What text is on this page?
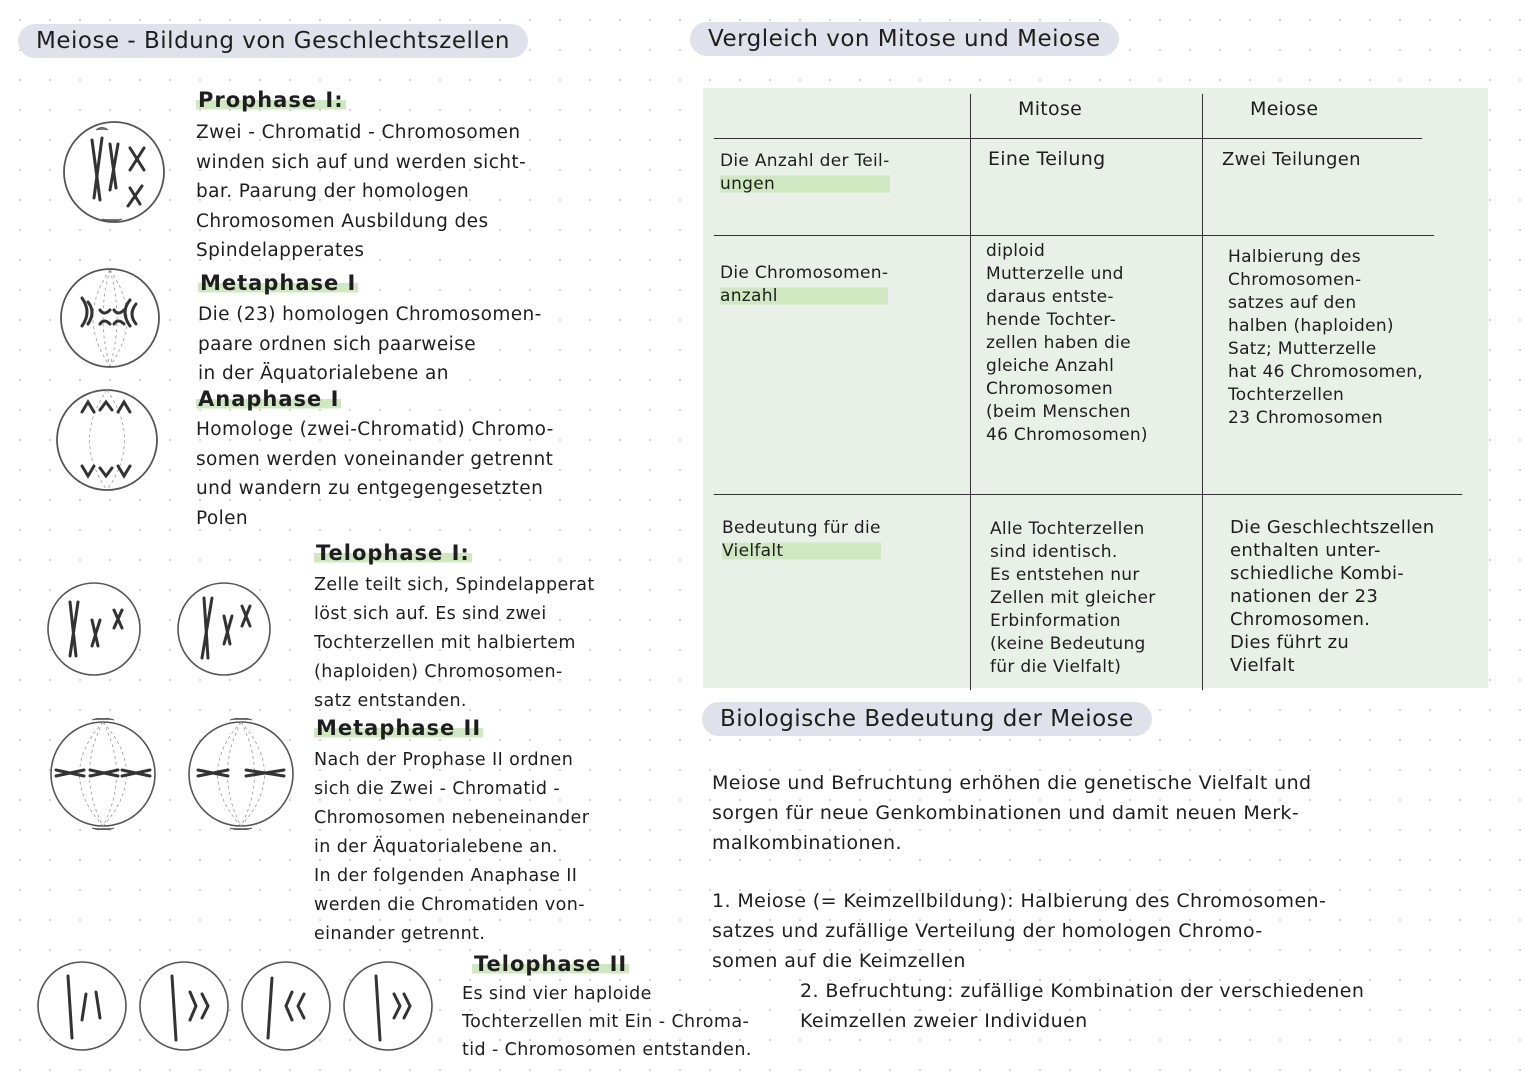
Meiose - Bildung von Geschlechtszellen
Prophase I:
Zwei - Chromatid - Chromosomen
winden sich auf und werden sicht-
bar. Paarung der homologen
Chromosomen Ausbildung des
Spindelapperates
Metaphase I
Die (23) homologen Chromosomen-
paare ordnen sich paarweise
in der Äquatorialebene an
Anaphase I
Homologe (zwei-Chromatid) Chromo-
somen werden voneinander getrennt
und wandern zu entgegengesetzten
Polen
Telophase I:
Zelle teilt sich, Spindelapperat
löst sich auf. Es sind zwei
Tochterzellen mit halbiertem
(haploiden) Chromosomen-
satz entstanden.
Metaphase II
Nach der Prophase II ordnen
sich die Zwei - Chromatid -
Chromosomen nebeneinander
in der Äquatorialebene an.
In der folgenden Anaphase II
werden die Chromatiden von-
einander getrennt.
Telophase II
Es sind vier haploide
Tochterzellen mit Ein - Chroma-
tid - Chromosomen entstanden.
Vergleich von Mitose und Meiose
Mitose	Meiose
Die Anzahl der Teil-
ungen
Eine Teilung	Zwei Teilungen
Die Chromosomen-
anzahl
diploid
Mutterzelle und
daraus entste-
hende Tochter-
zellen haben die
gleiche Anzahl
Chromosomen
(beim Menschen
46 Chromosomen)
Halbierung des
Chromosomen-
satzes auf den
halben (haploiden)
Satz; Mutterzelle
hat 46 Chromosomen,
Tochterzellen
23 Chromosomen
Bedeutung für die
Vielfalt
Alle Tochterzellen
sind identisch.
Es entstehen nur
Zellen mit gleicher
Erbinformation
(keine Bedeutung
für die Vielfalt)
Die Geschlechtszellen
enthalten unter-
schiedliche Kombi-
nationen der 23
Chromosomen.
Dies führt zu
Vielfalt
Biologische Bedeutung der Meiose
Meiose und Befruchtung erhöhen die genetische Vielfalt und
sorgen für neue Genkombinationen und damit neuen Merk-
malkombinationen.
1. Meiose (= Keimzellbildung): Halbierung des Chromosomen-
satzes und zufällige Verteilung der homologen Chromo-
somen auf die Keimzellen
2. Befruchtung: zufällige Kombination der verschiedenen
Keimzellen zweier Individuen
